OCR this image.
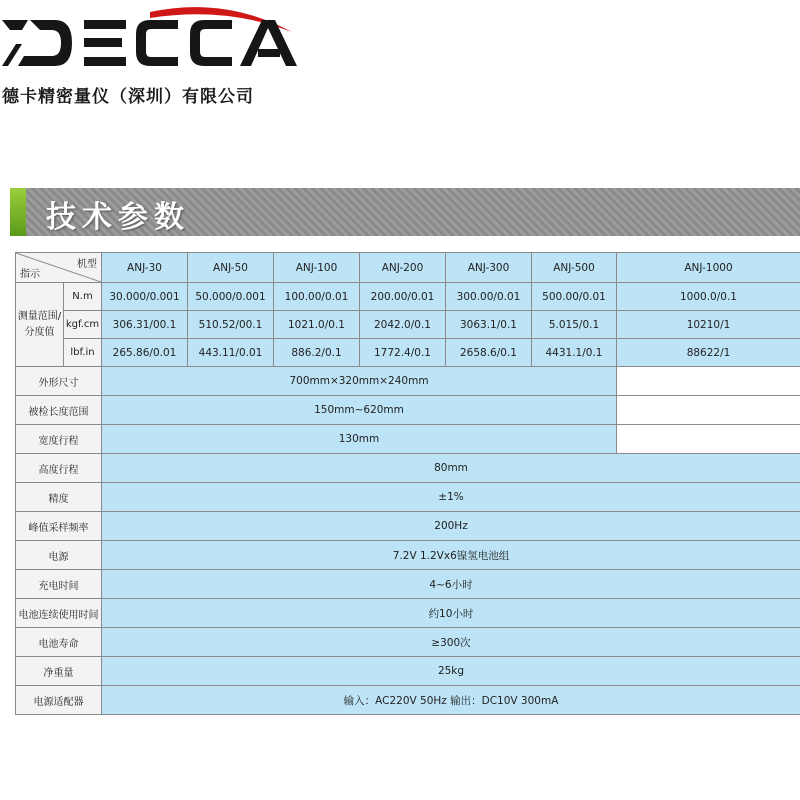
DECCA
德卡精密量仪（深圳）有限公司
技术参数
机型
指示		ANJ-30	ANJ-50	ANJ-100	ANJ-200	ANJ-300	ANJ-500	ANJ-1000
测量范围/分度值	N.m	30.000/0.001	50.000/0.001	100.00/0.01	200.00/0.01	300.00/0.01	500.00/0.01	1000.0/0.1
	kgf.cm	306.31/00.1	510.52/00.1	1021.0/0.1	2042.0/0.1	3063.1/0.1	5.015/0.1	10210/1
	lbf.in	265.86/0.01	443.11/0.01	886.2/0.1	1772.4/0.1	2658.6/0.1	4431.1/0.1	88622/1
外形尺寸		700mm×320mm×240mm						
被检长度范围		150mm~620mm						
宽度行程		130mm						
高度行程		80mm						
精度		±1%						
峰值采样频率		200Hz						
电源		7.2V 1.2Vx6镍氢电池组						
充电时间		4~6小时						
电池连续使用时间		约10小时						
电池寿命		≥300次						
净重量		25kg						
电源适配器		输入：AC220V 50Hz 输出：DC10V 300mA						
